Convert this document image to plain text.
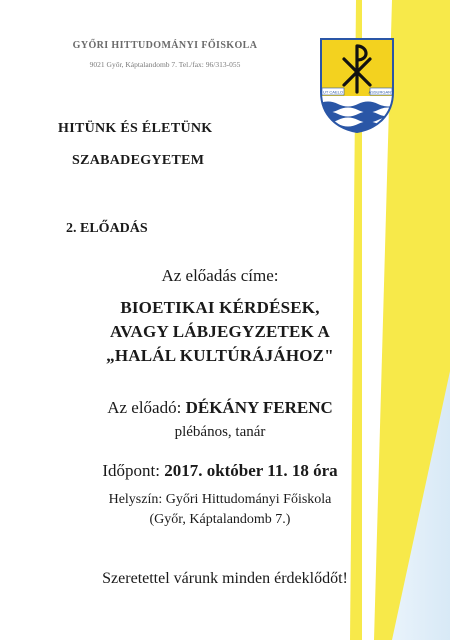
GYŐRI HITTUDOMÁNYI FŐISKOLA
9021 Győr, Káptalandomb 7. Tel./fax: 96/313-055
UT CAELO	ASSURGANT
HITÜNK ÉS ÉLETÜNK
SZABADEGYETEM
2. ELŐADÁS
Az előadás címe:
BIOETIKAI KÉRDÉSEK,
AVAGY LÁBJEGYZETEK A
„HALÁL KULTÚRÁJÁHOZ"
Az előadó: DÉKÁNY FERENC
plébános, tanár
Időpont: 2017. október 11. 18 óra
Helyszín: Győri Hittudományi Főiskola
(Győr, Káptalandomb 7.)
Szeretettel várunk minden érdeklődőt!
